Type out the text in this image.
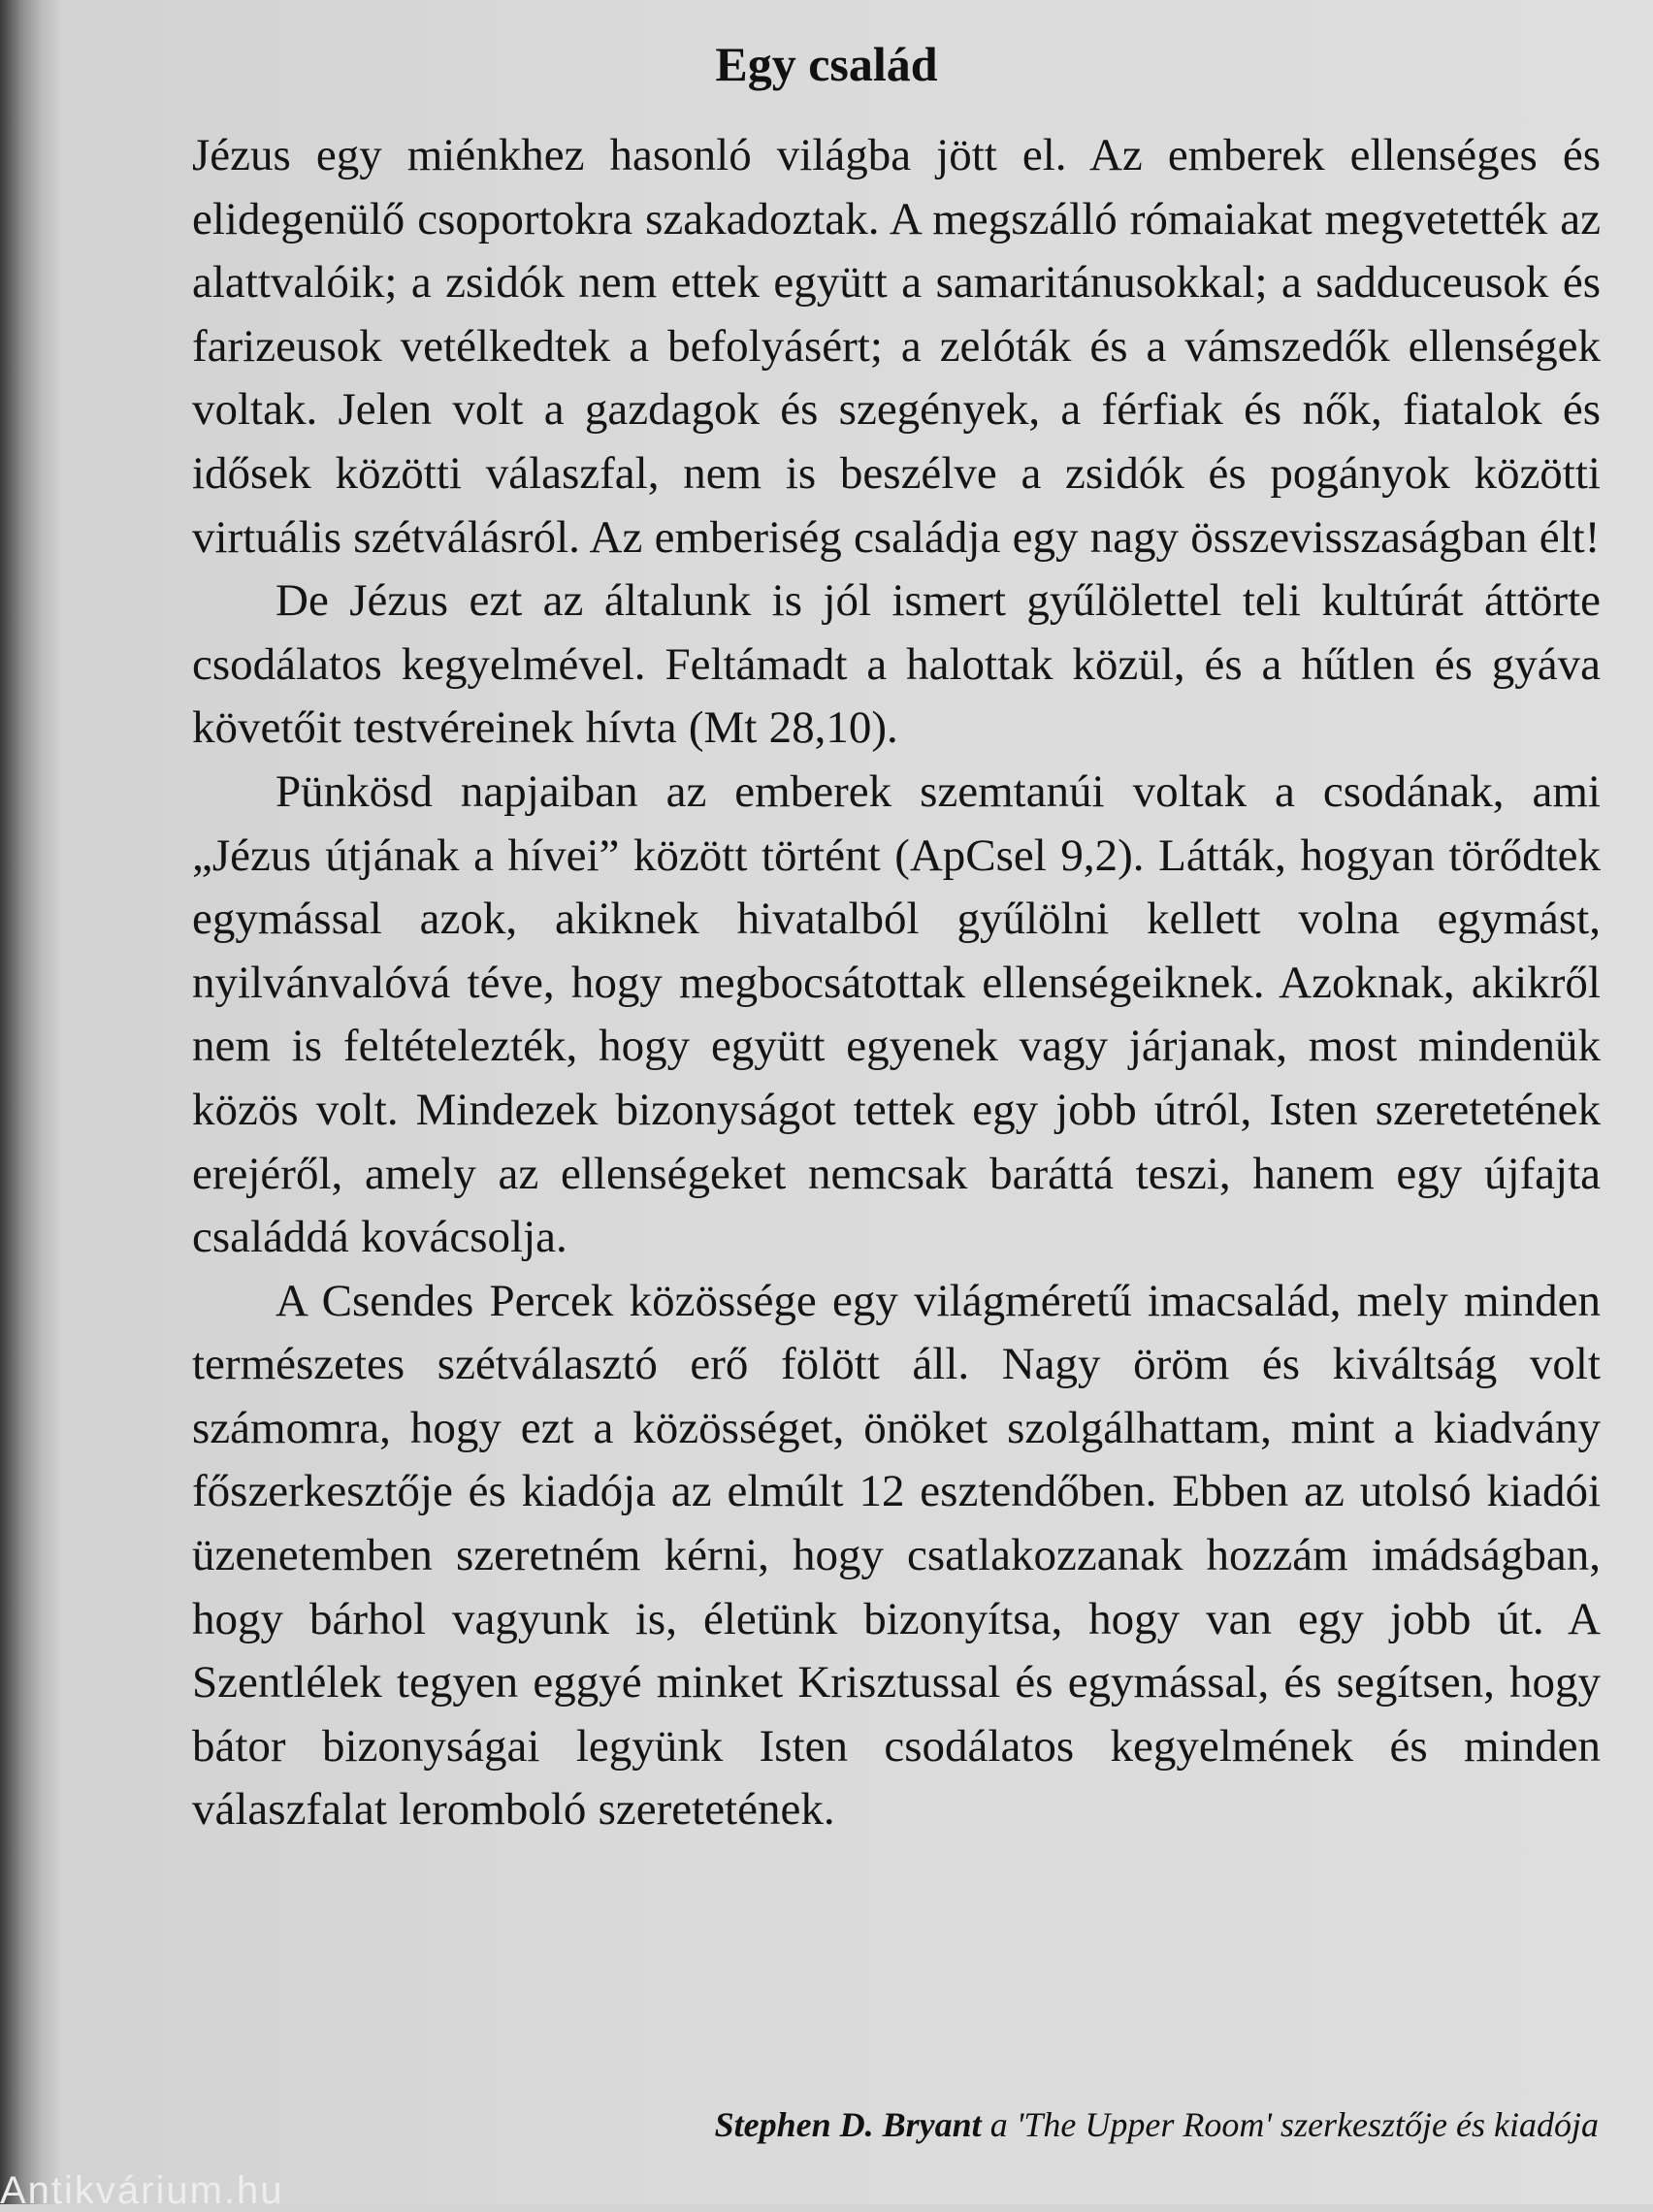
Egy család

Jézus egy miénkhez hasonló világba jött el. Az emberek ellenséges és elidegenülő csoportokra szakadoztak. A megszálló rómaiakat megvetették az alattvalóik; a zsidók nem ettek együtt a samaritánusokkal; a sadduceusok és farizeusok vetélkedtek a befolyásért; a zelóták és a vámszedők ellenségek voltak. Jelen volt a gazdagok és szegények, a férfiak és nők, fiatalok és idősek közötti válaszfal, nem is beszélve a zsidók és pogányok közötti virtuális szétválásról. Az emberiség családja egy nagy összevisszaságban élt!

De Jézus ezt az általunk is jól ismert gyűlölettel teli kultúrát áttörte csodálatos kegyelmével. Feltámadt a halottak közül, és a hűtlen és gyáva követőit testvéreinek hívta (Mt 28,10).

Pünkösd napjaiban az emberek szemtanúi voltak a csodának, ami „Jézus útjának a hívei” között történt (ApCsel 9,2). Látták, hogyan törődtek egymással azok, akiknek hivatalból gyűlölni kellett volna egymást, nyilvánvalóvá téve, hogy megbocsátottak ellenségeiknek. Azoknak, akikről nem is feltételezték, hogy együtt egyenek vagy járjanak, most mindenük közös volt. Mindezek bizonyságot tettek egy jobb útról, Isten szeretetének erejéről, amely az ellenségeket nemcsak baráttá teszi, hanem egy újfajta családdá kovácsolja.

A Csendes Percek közössége egy világméretű imacsalád, mely minden természetes szétválasztó erő fölött áll. Nagy öröm és kiváltság volt számomra, hogy ezt a közösséget, önöket szolgálhattam, mint a kiadvány főszerkesztője és kiadója az elmúlt 12 esztendőben. Ebben az utolsó kiadói üzenetemben szeretném kérni, hogy csatlakozzanak hozzám imádságban, hogy bárhol vagyunk is, életünk bizonyítsa, hogy van egy jobb út. A Szentlélek tegyen eggyé minket Krisztussal és egymással, és segítsen, hogy bátor bizonyságai legyünk Isten csodálatos kegyelmének és minden válaszfalat leromboló szeretetének.

Stephen D. Bryant a 'The Upper Room' szerkesztője és kiadója
Antikvárium.hu
